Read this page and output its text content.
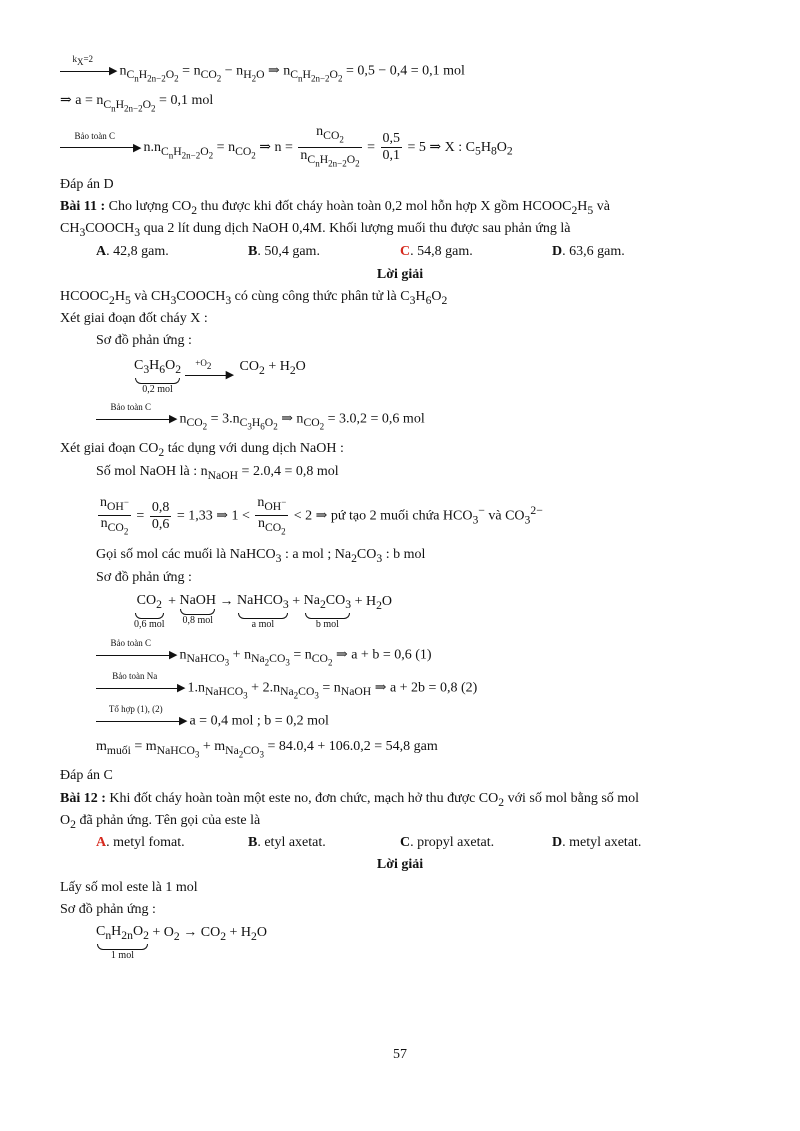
$k_X=2$
▶ $n_{C_nH_{2n-2}O_2} = n_{CO_2} - n_{H_2O}$ ⇒ $n_{C_nH_{2n-2}O_2} = 0,5 - 0,4 = 0,1$ mol
⇒ $a = n_{C_nH_{2n-2}O_2} = 0,1$ mol
Bảo toàn C
▶ $n.n_{C_nH_{2n-2}O_2} = n_{CO_2}$ ⇒ $n = \frac{n_{CO_2}}{n_{C_nH_{2n-2}O_2}} = \frac{0,5}{0,1} = 5$ ⇒ X : $C_5H_8O_2$
Đáp án D
Bài 11 : Cho lượng $CO_2$ thu được khi đốt cháy hoàn toàn 0,2 mol hỗn hợp X gồm $HCOOC_2H_5$ và
$CH_3COOCH_3$ qua 2 lít dung dịch NaOH 0,4M. Khối lượng muối thu được sau phản ứng là
A. 42,8 gam.	B. 50,4 gam.	C. 54,8 gam.	D. 63,6 gam.
Lời giải
$HCOOC_2H_5$ và $CH_3COOCH_3$ có cùng công thức phân tử là $C_3H_6O_2$
Xét giai đoạn đốt cháy X :
Sơ đồ phản ứng :
$C_3H_6O_2$
0,2 mol

$+O_2$
▶ $CO_2 + H_2O$
Bảo toàn C
▶ $n_{CO_2} = 3.n_{C_3H_6O_2}$ ⇒ $n_{CO_2} = 3.0,2 = 0,6$ mol
Xét giai đoạn $CO_2$ tác dụng với dung dịch NaOH :
Số mol NaOH là : $n_{NaOH} = 2.0,4 = 0,8$ mol
$\frac{n_{OH^-}}{n_{CO_2}} = \frac{0,8}{0,6} = 1,33$ ⇒ $1 < \frac{n_{OH^-}}{n_{CO_2}} < 2$ ⇒ pứ tạo 2 muối chứa $HCO_3^-$ và $CO_3^{2-}$
Gọi số mol các muối là NaHCO$_3$ : a mol ; $Na_2CO_3$ : b mol
Sơ đồ phản ứng :
$CO_2$
0,6 mol
+ NaOH
0,8 mol
→ NaHCO$_3$
a mol
+ $Na_2CO_3$
b mol
+ $H_2O$
Bảo toàn C
▶ $n_{NaHCO_3} + n_{Na_2CO_3} = n_{CO_2}$ ⇒ a + b = 0,6 (1)
Bảo toàn Na
▶ $1.n_{NaHCO_3} + 2.n_{Na_2CO_3} = n_{NaOH}$ ⇒ a + 2b = 0,8 (2)
Tổ hợp (1), (2)
▶ a = 0,4 mol ; b = 0,2 mol
$m_{muối} = m_{NaHCO_3} + m_{Na_2CO_3} = 84.0,4 + 106.0,2 = 54,8$ gam
Đáp án C
Bài 12 : Khi đốt cháy hoàn toàn một este no, đơn chức, mạch hở thu được $CO_2$ với số mol bằng số mol
$O_2$ đã phản ứng. Tên gọi của este là
A. metyl fomat.	B. etyl axetat.	C. propyl axetat.	D. metyl axetat.
Lời giải
Lấy số mol este là 1 mol
Sơ đồ phản ứng :
$C_nH_{2n}O_2$
1 mol
+ $O_2 \to CO_2 + H_2O$
57
